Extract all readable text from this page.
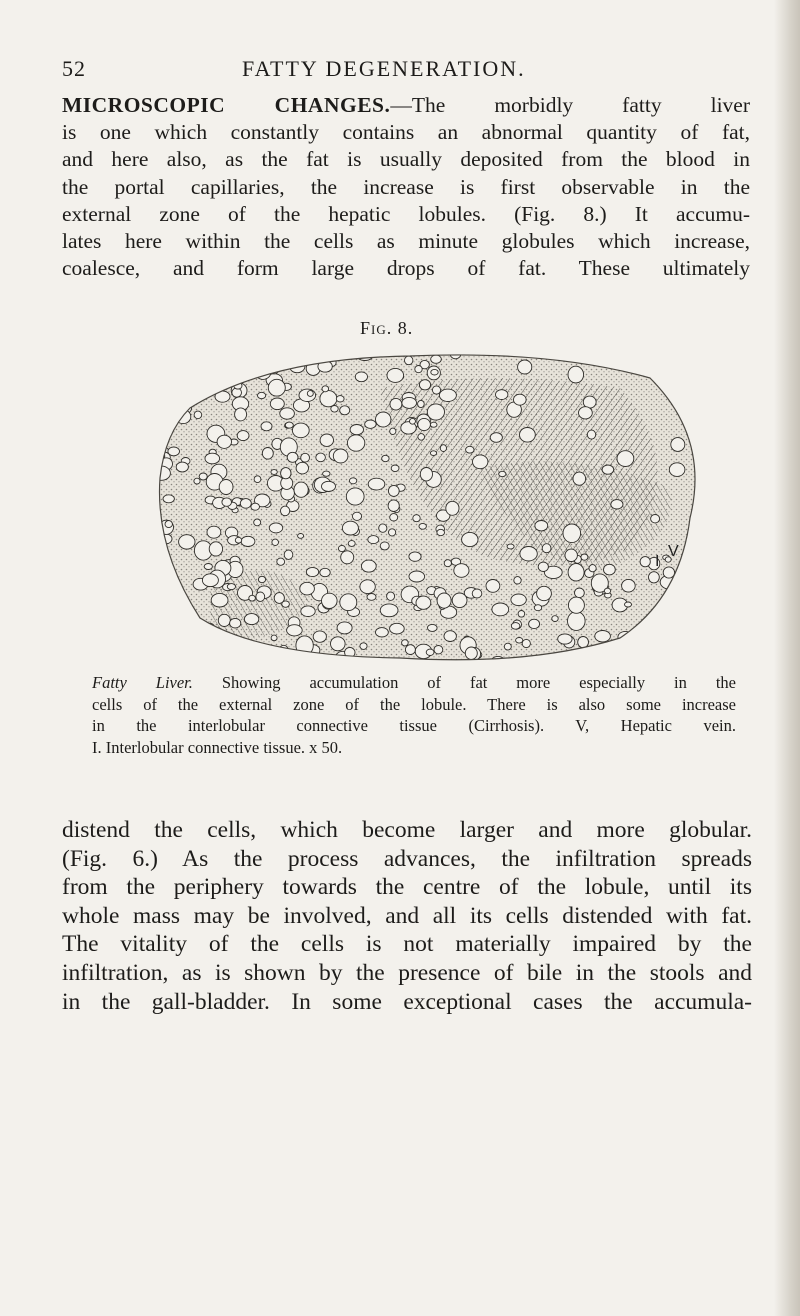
52	FATTY DEGENERATION.
MICROSCOPIC CHANGES.—The morbidly fatty liver
is one which constantly contains an abnormal quantity of fat,
and here also, as the fat is usually deposited from the blood in
the portal capillaries, the increase is first observable in the
external zone of the hepatic lobules. (Fig. 8.) It accumu-
lates here within the cells as minute globules which increase,
coalesce, and form large drops of fat. These ultimately
Fig. 8.
V
I
Fatty Liver. Showing accumulation of fat more especially in the
cells of the external zone of the lobule. There is also some increase
in the interlobular connective tissue (Cirrhosis). V, Hepatic vein.
I. Interlobular connective tissue. x 50.
distend the cells, which become larger and more globular.
(Fig. 6.) As the process advances, the infiltration spreads
from the periphery towards the centre of the lobule, until its
whole mass may be involved, and all its cells distended with fat.
The vitality of the cells is not materially impaired by the
infiltration, as is shown by the presence of bile in the stools and
in the gall-bladder. In some exceptional cases the accumula-
